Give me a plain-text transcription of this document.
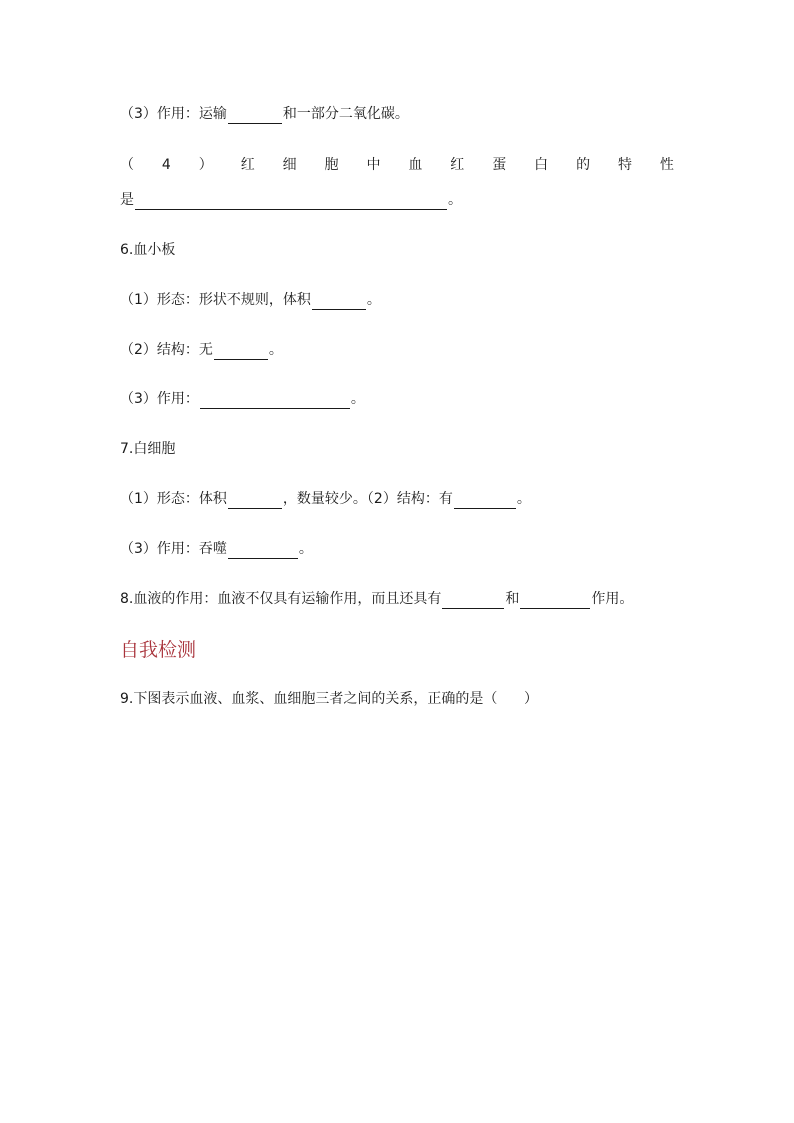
（3）作用：运输	和一部分二氧化碳。
（ 4 ） 红 细 胞 中 血 红 蛋 白 的 特 性
是	。
6.血小板
（1）形态：形状不规则，体积	。
（2）结构：无	。
（3）作用：	。
7.白细胞
（1）形态：体积	，数量较少。（2）结构：有	。
（3）作用：吞噬	。
8.血液的作用：血液不仅具有运输作用，而且还具有	和	作用。
自我检测
9.下图表示血液、血浆、血细胞三者之间的关系，正确的是（      ）
